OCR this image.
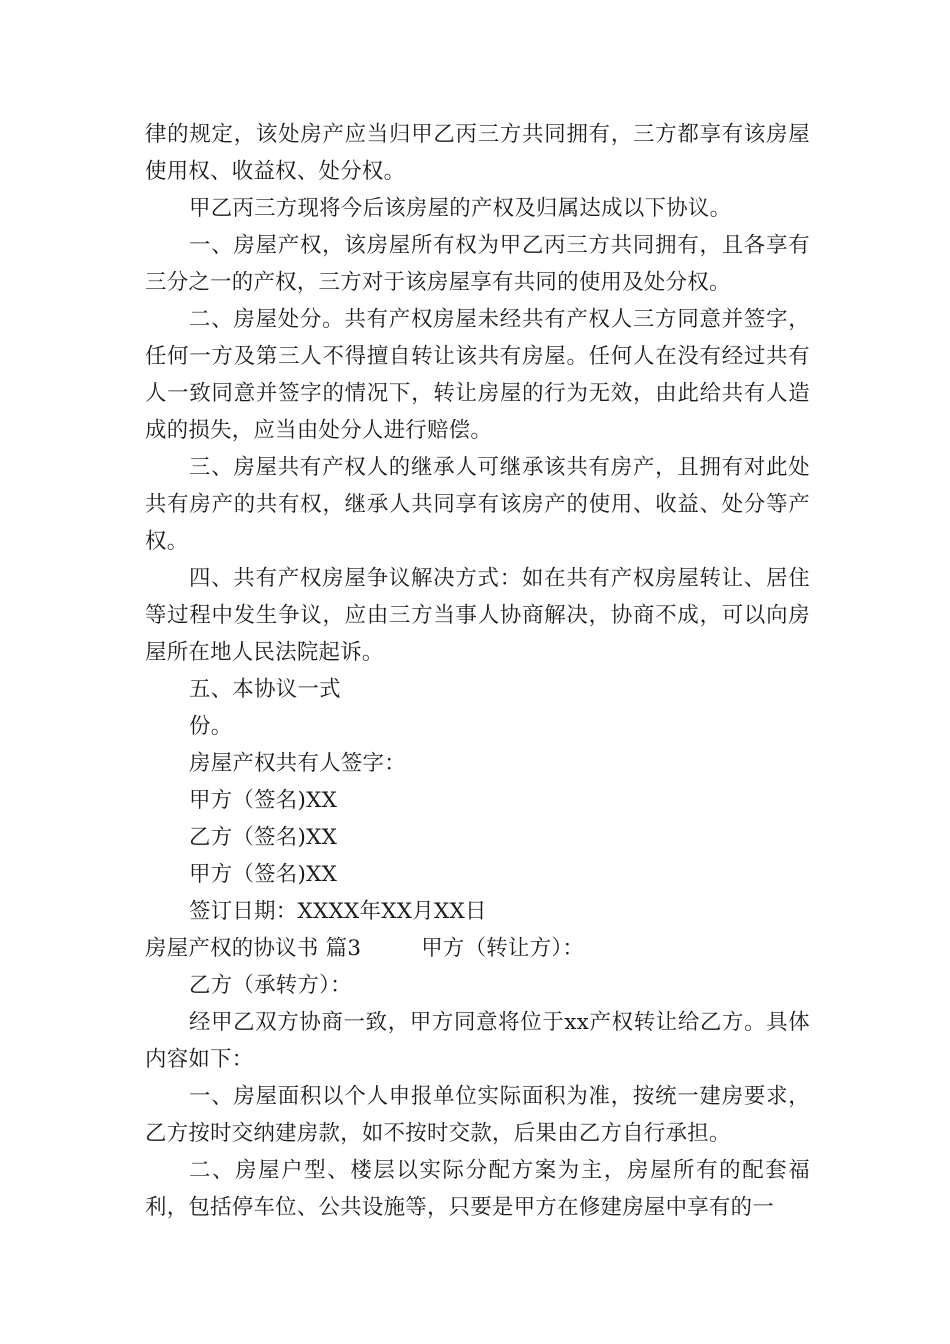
律的规定，该处房产应当归甲乙丙三方共同拥有，三方都享有该房屋使用权、收益权、处分权。

甲乙丙三方现将今后该房屋的产权及归属达成以下协议。

一、房屋产权，该房屋所有权为甲乙丙三方共同拥有，且各享有三分之一的产权，三方对于该房屋享有共同的使用及处分权。

二、房屋处分。共有产权房屋未经共有产权人三方同意并签字，任何一方及第三人不得擅自转让该共有房屋。任何人在没有经过共有人一致同意并签字的情况下，转让房屋的行为无效，由此给共有人造成的损失，应当由处分人进行赔偿。

三、房屋共有产权人的继承人可继承该共有房产，且拥有对此处共有房产的共有权，继承人共同享有该房产的使用、收益、处分等产权。

四、共有产权房屋争议解决方式：如在共有产权房屋转让、居住等过程中发生争议，应由三方当事人协商解决，协商不成，可以向房屋所在地人民法院起诉。

五、本协议一式

份。

房屋产权共有人签字：

甲方（签名)XX

乙方（签名)XX

甲方（签名)XX

签订日期：XXXX年XX月XX日

房屋产权的协议书 篇3	甲方（转让方）：

乙方（承转方）：

经甲乙双方协商一致，甲方同意将位于xx产权转让给乙方。具体内容如下：

一、房屋面积以个人申报单位实际面积为准，按统一建房要求，乙方按时交纳建房款，如不按时交款，后果由乙方自行承担。

二、房屋户型、楼层以实际分配方案为主，房屋所有的配套福利，包括停车位、公共设施等，只要是甲方在修建房屋中享有的一
